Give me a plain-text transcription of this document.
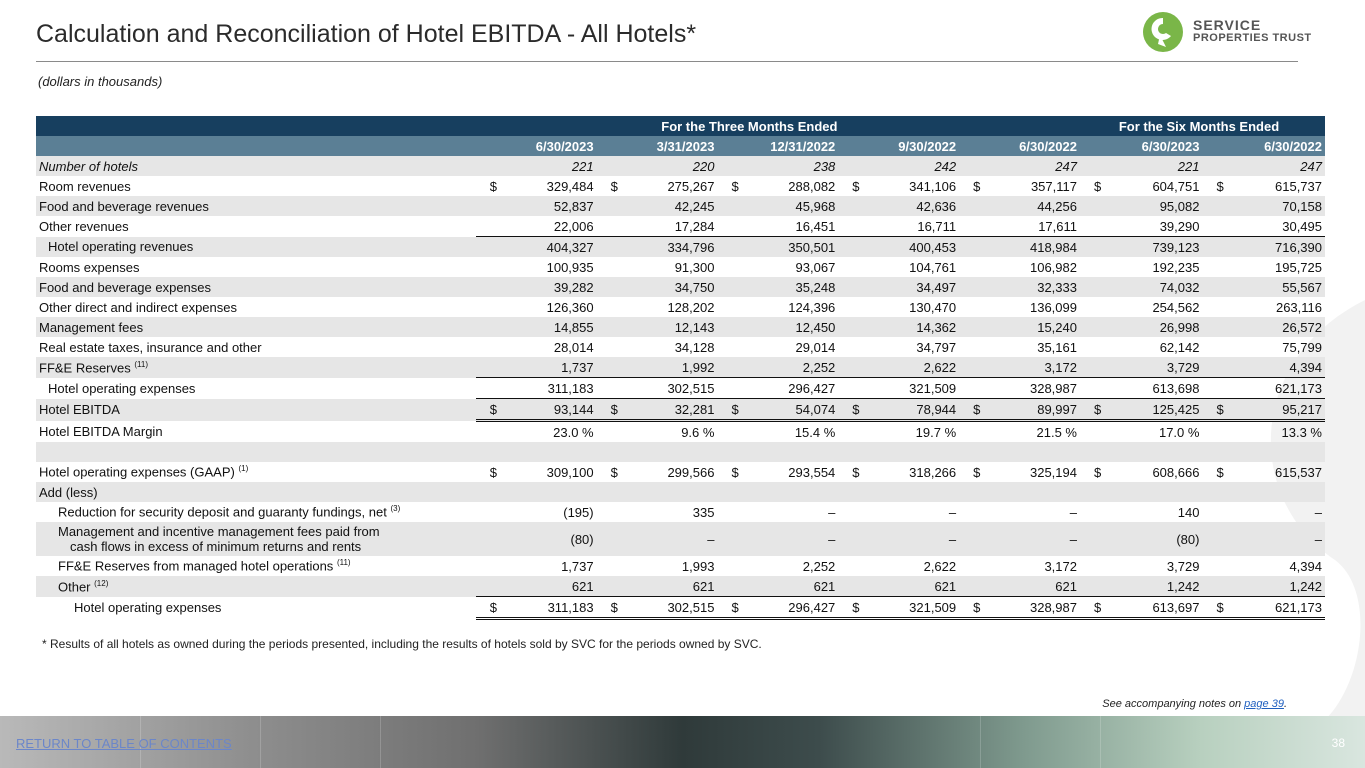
Calculation and Reconciliation of Hotel EBITDA - All Hotels*	SERVICE
PROPERTIES TRUST
(dollars in thousands)
	For the Three Months Ended										For the Six Months Ended			
	6/30/2023		3/31/2023		12/31/2022		9/30/2022		6/30/2022		6/30/2023		6/30/2022	
Number of hotels		221		220		238		242		247		221		247
Room revenues	$	329,484	$	275,267	$	288,082	$	341,106	$	357,117	$	604,751	$	615,737
Food and beverage revenues		52,837		42,245		45,968		42,636		44,256		95,082		70,158
Other revenues		22,006		17,284		16,451		16,711		17,611		39,290		30,495
Hotel operating revenues		404,327		334,796		350,501		400,453		418,984		739,123		716,390
Rooms expenses		100,935		91,300		93,067		104,761		106,982		192,235		195,725
Food and beverage expenses		39,282		34,750		35,248		34,497		32,333		74,032		55,567
Other direct and indirect expenses		126,360		128,202		124,396		130,470		136,099		254,562		263,116
Management fees		14,855		12,143		12,450		14,362		15,240		26,998		26,572
Real estate taxes, insurance and other		28,014		34,128		29,014		34,797		35,161		62,142		75,799
FF&E Reserves $^{(11)}$		1,737		1,992		2,252		2,622		3,172		3,729		4,394
Hotel operating expenses		311,183		302,515		296,427		321,509		328,987		613,698		621,173
Hotel EBITDA	$	93,144	$	32,281	$	54,074	$	78,944	$	89,997	$	125,425	$	95,217
Hotel EBITDA Margin		23.0 %		9.6 %		15.4 %		19.7 %		21.5 %		17.0 %		13.3 %

Hotel operating expenses (GAAP) $^{(1)}$	$	309,100	$	299,566	$	293,554	$	318,266	$	325,194	$	608,666	$	615,537
Add (less)														
Reduction for security deposit and guaranty fundings, net $^{(3)}$		(195)		335		–		–		–		140		–

Management and incentive management fees paid from
cash flows in excess of minimum returns and rents		(80)		–		–		–		–		(80)		–
FF&E Reserves from managed hotel operations $^{(11)}$		1,737		1,993		2,252		2,622		3,172		3,729		4,394
Other $^{(12)}$		621		621		621		621		621		1,242		1,242
Hotel operating expenses	$	311,183	$	302,515	$	296,427	$	321,509	$	328,987	$	613,697	$	621,173
* Results of all hotels as owned during the periods presented, including the results of hotels sold by SVC for the periods owned by SVC.
See accompanying notes on page 39.
RETURN TO TABLE OF CONTENTS	38
